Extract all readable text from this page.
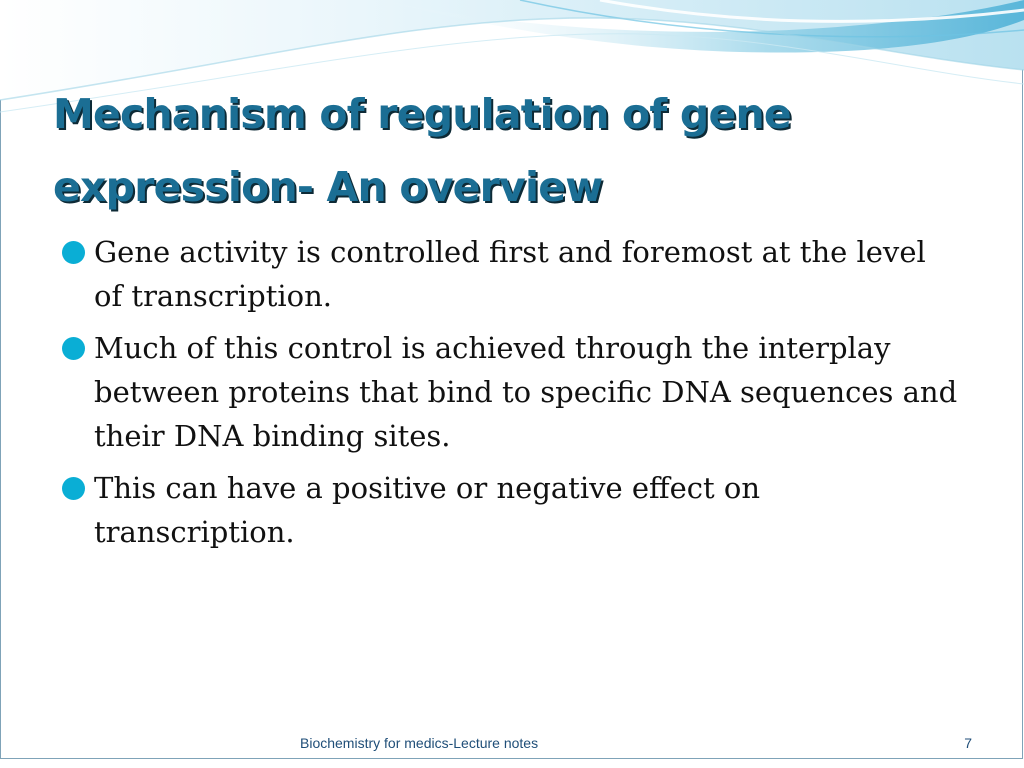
Mechanism of regulation of gene
expression- An overview
Gene activity is controlled first and foremost at the level of transcription.
Much of this control is achieved through the interplay between proteins that bind to specific DNA sequences and their DNA binding sites.
This can have a positive or negative effect on transcription.
Biochemistry for medics-Lecture notes	7
